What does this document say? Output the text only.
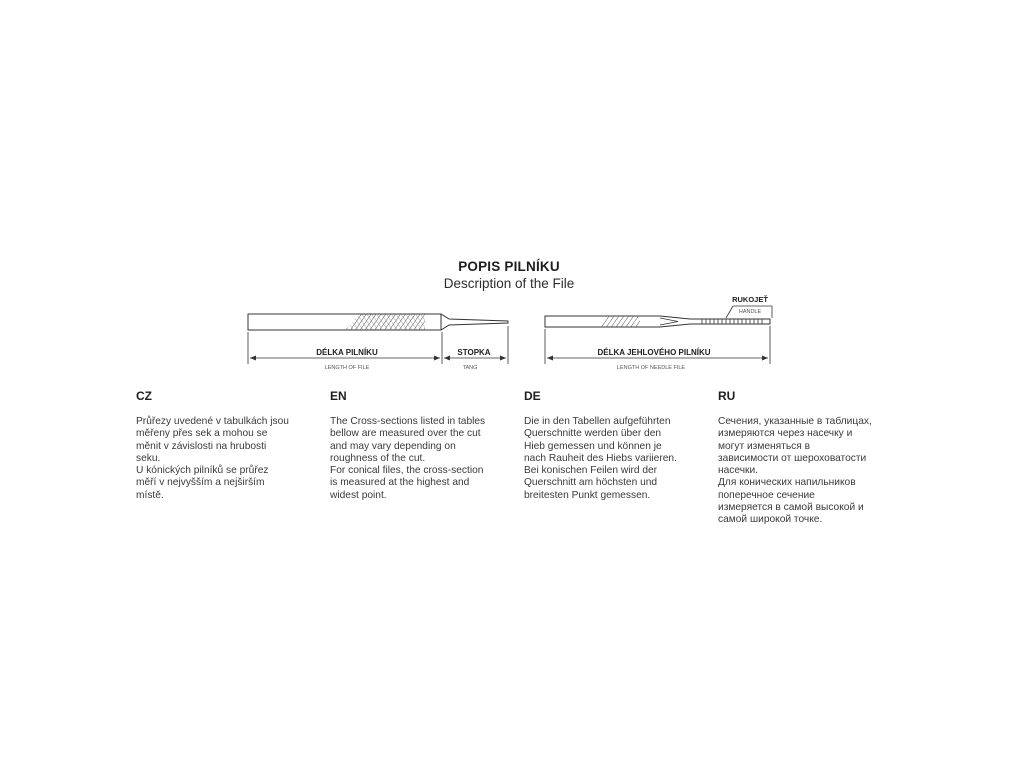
POPIS PILNÍKU
Description of the File
DÉLKA PILNÍKU
LENGTH OF FILE
STOPKA
TANG
RUKOJEŤ
HANDLE
DÉLKA JEHLOVÉHO PILNÍKU
LENGTH OF NEEDLE FILE

CZ

Průřezy uvedené v tabulkách jsou
měřeny přes sek a mohou se
měnit v závislosti na hrubosti
seku.
U kónických pilníků se průřez
měří v nejvyšším a nejširším
místě.

EN

The Cross-sections listed in tables
bellow are measured over the cut
and may vary depending on
roughness of the cut.
For conical files, the cross-section
is measured at the highest and
widest point.

DE

Die in den Tabellen aufgeführten
Querschnitte werden über den
Hieb gemessen und können je
nach Rauheit des Hiebs variieren.
Bei konischen Feilen wird der
Querschnitt am höchsten und
breitesten Punkt gemessen.

RU

Сечения, указанные в таблицах,
измеряются через насечку и
могут изменяться в
зависимости от шероховатости
насечки.
Для конических напильников
поперечное сечение
измеряется в самой высокой и
самой широкой точке.
